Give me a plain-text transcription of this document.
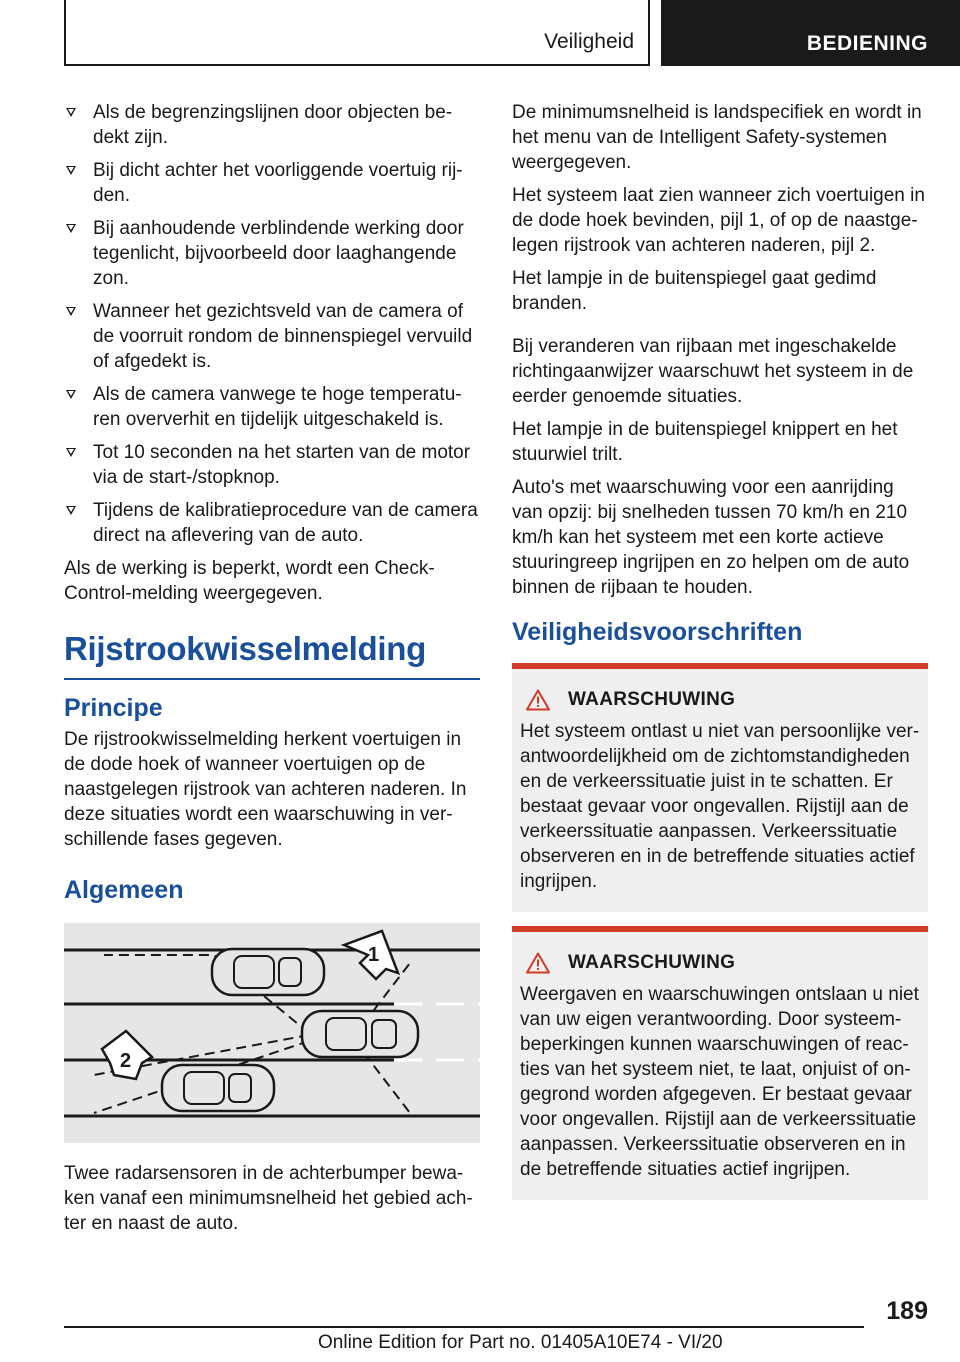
Veiligheid	BEDIENING
Als de begrenzingslijnen door objecten be-dekt zijn.
Bij dicht achter het voorliggende voertuig rij-den.
Bij aanhoudende verblindende werking door tegenlicht, bijvoorbeeld door laaghangende zon.
Wanneer het gezichtsveld van de camera of de voorruit rondom de binnenspiegel vervuild of afgedekt is.
Als de camera vanwege te hoge temperatu-ren oververhit en tijdelijk uitgeschakeld is.
Tot 10 seconden na het starten van de motor via de start-/stopknop.
Tijdens de kalibratieprocedure van de camera direct na aflevering van de auto.

Als de werking is beperkt, wordt een Check-Control-melding weergegeven.

Rijstrookwisselmelding
Principe

De rijstrookwisselmelding herkent voertuigen in de dode hoek of wanneer voertuigen op de naastgelegen rijstrook van achteren naderen. In deze situaties wordt een waarschuwing in ver-schillende fases gegeven.

Algemeen
1
2

Twee radarsensoren in de achterbumper bewa-ken vanaf een minimumsnelheid het gebied ach-ter en naast de auto.

De minimumsnelheid is landspecifiek en wordt in het menu van de Intelligent Safety-systemen weergegeven.

Het systeem laat zien wanneer zich voertuigen in de dode hoek bevinden, pijl 1, of op de naastge-legen rijstrook van achteren naderen, pijl 2.

Het lampje in de buitenspiegel gaat gedimd branden.

Bij veranderen van rijbaan met ingeschakelde richtingaanwijzer waarschuwt het systeem in de eerder genoemde situaties.

Het lampje in de buitenspiegel knippert en het stuurwiel trilt.

Auto's met waarschuwing voor een aanrijding van opzij: bij snelheden tussen 70 km/h en 210 km/h kan het systeem met een korte actieve stuuringreep ingrijpen en zo helpen om de auto binnen de rijbaan te houden.

Veiligheidsvoorschriften
WAARSCHUWING

Het systeem ontlast u niet van persoonlijke ver-antwoordelijkheid om de zichtomstandigheden en de verkeerssituatie juist in te schatten. Er bestaat gevaar voor ongevallen. Rijstijl aan de verkeerssituatie aanpassen. Verkeerssituatie observeren en in de betreffende situaties actief ingrijpen.

WAARSCHUWING

Weergaven en waarschuwingen ontslaan u niet van uw eigen verantwoording. Door systeem-beperkingen kunnen waarschuwingen of reac-ties van het systeem niet, te laat, onjuist of on-gegrond worden afgegeven. Er bestaat gevaar voor ongevallen. Rijstijl aan de verkeerssituatie aanpassen. Verkeerssituatie observeren en in de betreffende situaties actief ingrijpen.

189
Online Edition for Part no. 01405A10E74 - VI/20
